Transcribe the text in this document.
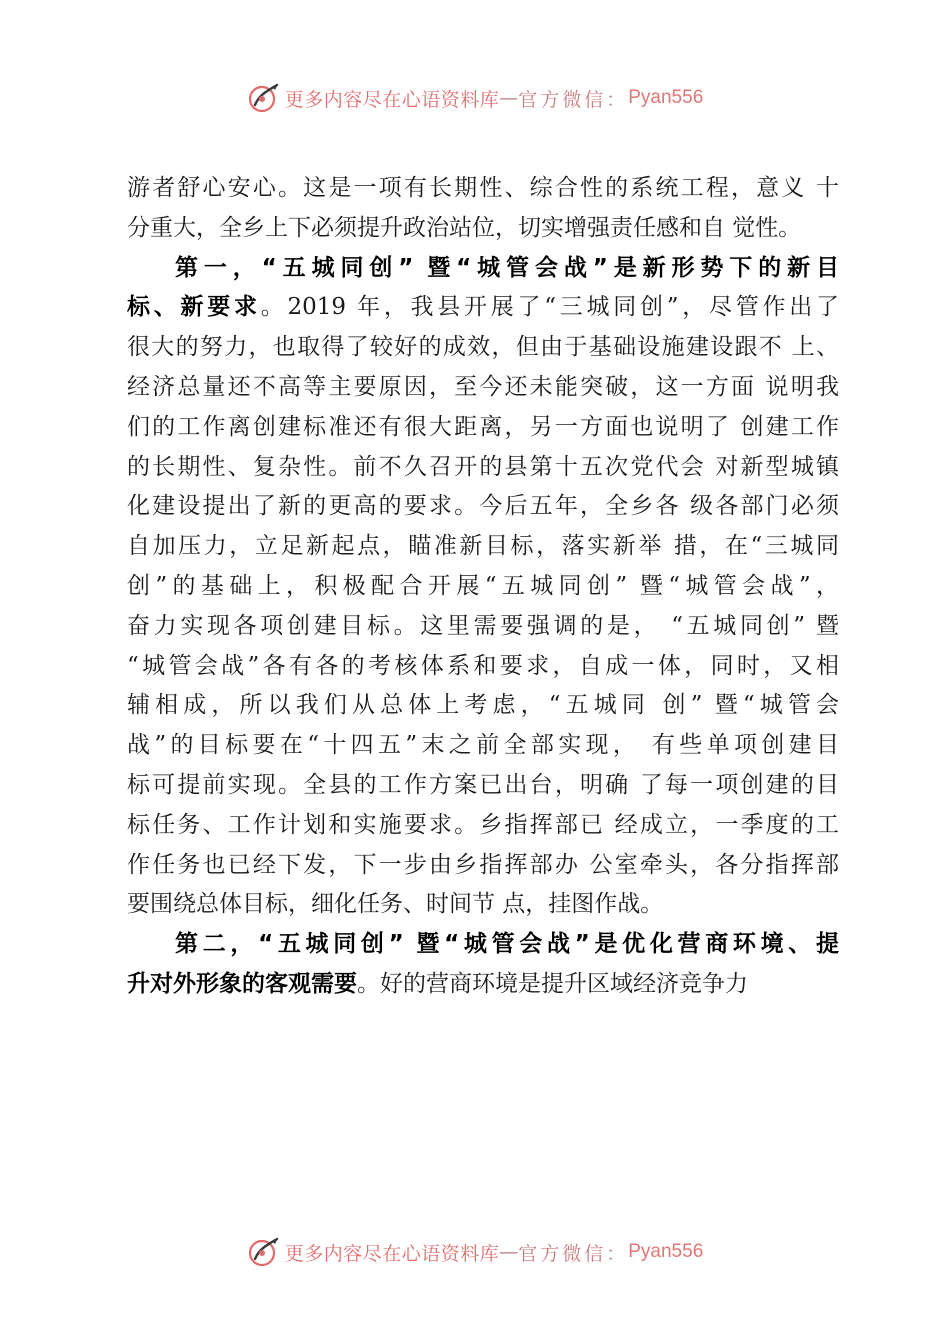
更多内容尽在心语资料库 — 官方微信： Pyan556
游者舒心安心。这是一项有长期性、综合性的系统工程，意义 十
分重大，全乡上下必须提升政治站位，切实增强责任感和自 觉性。
第一，“五城同创” 暨“城管会战”是新形势下的新目
标、新要求。2019 年，我县开展了“三城同创”，尽管作出了
很大的努力，也取得了较好的成效，但由于基础设施建设跟不 上、
经济总量还不高等主要原因，至今还未能突破，这一方面 说明我
们的工作离创建标准还有很大距离，另一方面也说明了 创建工作
的长期性、复杂性。前不久召开的县第十五次党代会 对新型城镇
化建设提出了新的更高的要求。今后五年，全乡各 级各部门必须
自加压力，立足新起点，瞄准新目标，落实新举 措，在“三城同
创”的基础上，积极配合开展“五城同创” 暨“城管会战”，
奋力实现各项创建目标。这里需要强调的是， “五城同创” 暨
“城管会战”各有各的考核体系和要求，自成一体，同时，又相
辅相成，所以我们从总体上考虑，“五城同 创” 暨“城管会
战”的目标要在“十四五”末之前全部实现， 有些单项创建目
标可提前实现。全县的工作方案已出台，明确 了每一项创建的目
标任务、工作计划和实施要求。乡指挥部已 经成立，一季度的工
作任务也已经下发，下一步由乡指挥部办 公室牵头，各分指挥部
要围绕总体目标，细化任务、时间节 点，挂图作战。
第二，“五城同创” 暨“城管会战”是优化营商环境、提
升对外形象的客观需要。好的营商环境是提升区域经济竞争力
更多内容尽在心语资料库 — 官方微信： Pyan556
